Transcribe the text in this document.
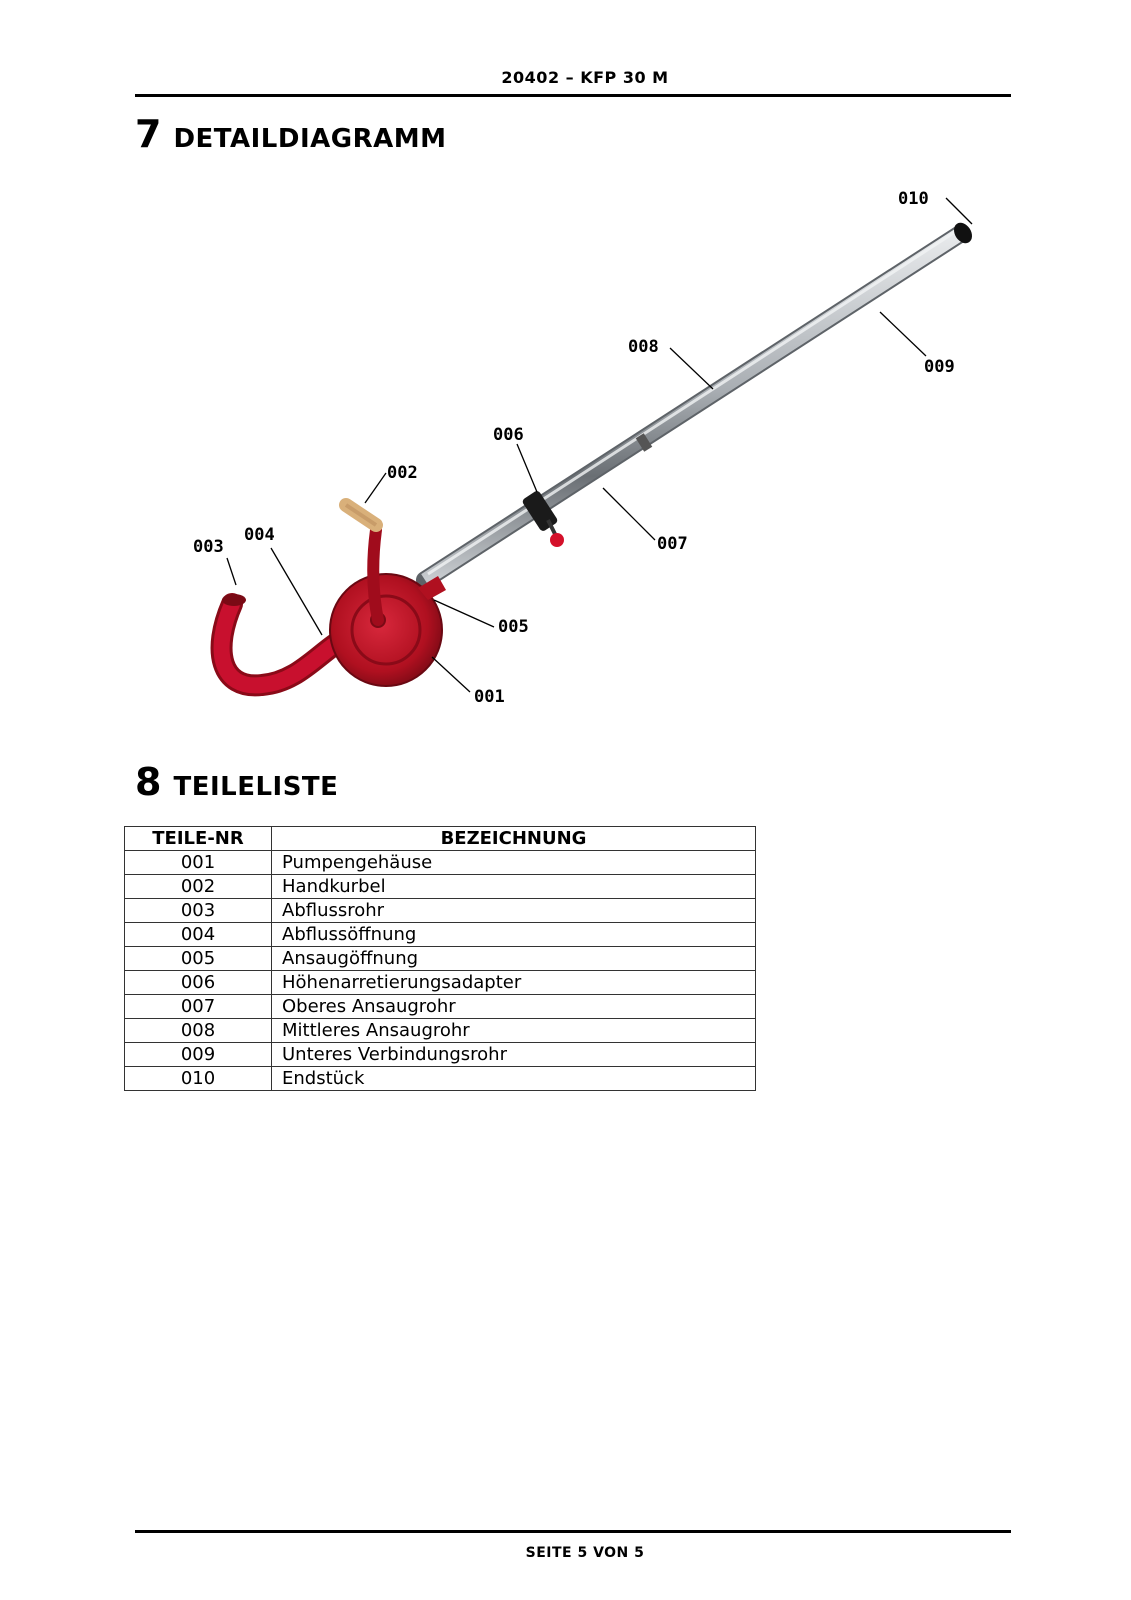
20402 – KFP 30 M
7 DETAILDIAGRAMM
010
008
009
006
002
007
003
004
005
001
8 TEILELISTE
TEILE-NR	BEZEICHNUNG
001	Pumpengehäuse
002	Handkurbel
003	Abflussrohr
004	Abflussöffnung
005	Ansaugöffnung
006	Höhenarretierungsadapter
007	Oberes Ansaugrohr
008	Mittleres Ansaugrohr
009	Unteres Verbindungsrohr
010	Endstück
SEITE 5 VON 5
